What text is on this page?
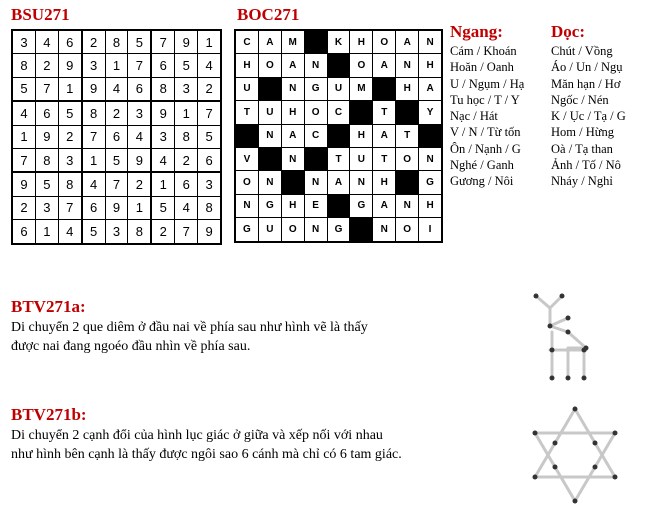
BSU271
3	4	6	2	8	5	7	9	1
8	2	9	3	1	7	6	5	4
5	7	1	9	4	6	8	3	2
4	6	5	8	2	3	9	1	7
1	9	2	7	6	4	3	8	5
7	8	3	1	5	9	4	2	6
9	5	8	4	7	2	1	6	3
2	3	7	6	9	1	5	4	8
6	1	4	5	3	8	2	7	9
BOC271
C	A	M		K	H	O	A	N
H	O	A	N		O	A	N	H
U		N	G	U	M		H	A
T	U	H	O	C		T		Y
	N	A	C		H	A	T	
V		N		T	U	T	O	N
O	N		N	A	N	H		G
N	G	H	E		G	A	N	H
G	U	O	N	G		N	O	I
Ngang:	Dọc:
Cám / Khoán
Hoăn / Oanh
U / Ngụm / Hạ
Tu học / T / Y
Nạc / Hát
V / N / Từ tốn
Ôn / Nạnh / G
Nghé / Ganh
Gương / Nôi
Chút / Vồng
Áo / Un / Ngụ
Măn hạn / Hơ
Ngốc / Nén
K / Ục / Tạ / G
Hom / Hừng
Oà / Tạ than
Ảnh / Tố / Nô
Nháy / Nghỉ
BTV271a:
Di chuyển 2 que diêm ở đầu nai về phía sau như hình vẽ là thấy
được nai đang ngoéo đầu nhìn về phía sau.
BTV271b:
Di chuyển 2 cạnh đổi của hình lục giác ở giữa và xếp nối với nhau
như hình bên cạnh là thấy được ngôi sao 6 cánh mà chỉ có 6 tam giác.
